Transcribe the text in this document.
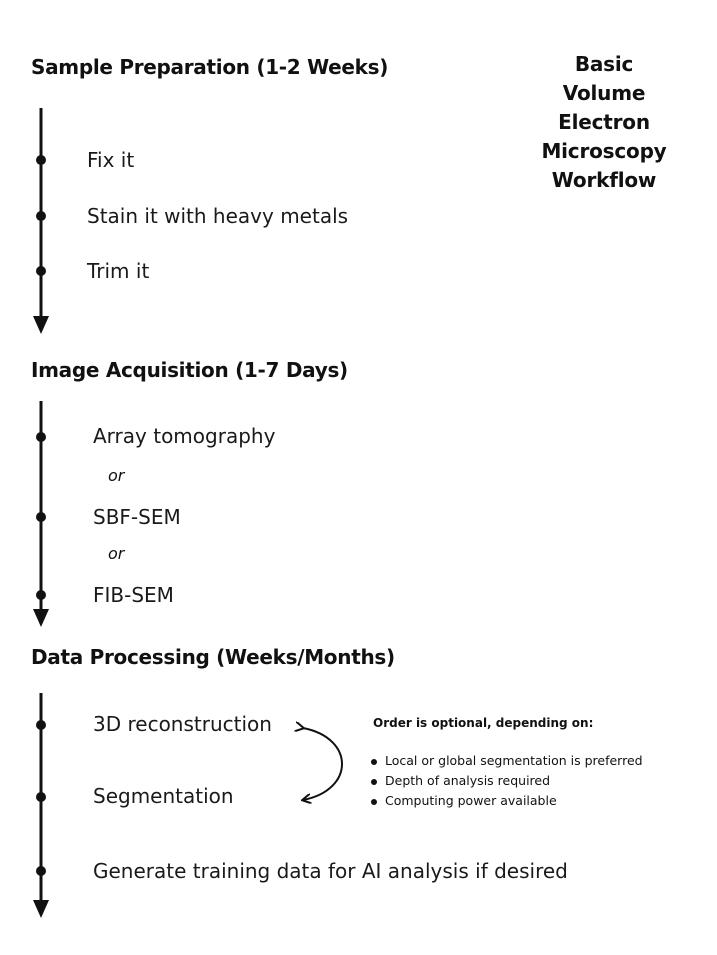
Basic
Volume
Electron
Microscopy
Workflow
Sample Preparation (1-2 Weeks)
Fix it
Stain it with heavy metals
Trim it
Image Acquisition (1-7 Days)
Array tomography
or
SBF-SEM
or
FIB-SEM
Data Processing (Weeks/Months)
3D reconstruction
Segmentation
Generate training data for AI analysis if desired
Order is optional, depending on:
Local or global segmentation is preferred
Depth of analysis required
Computing power available
